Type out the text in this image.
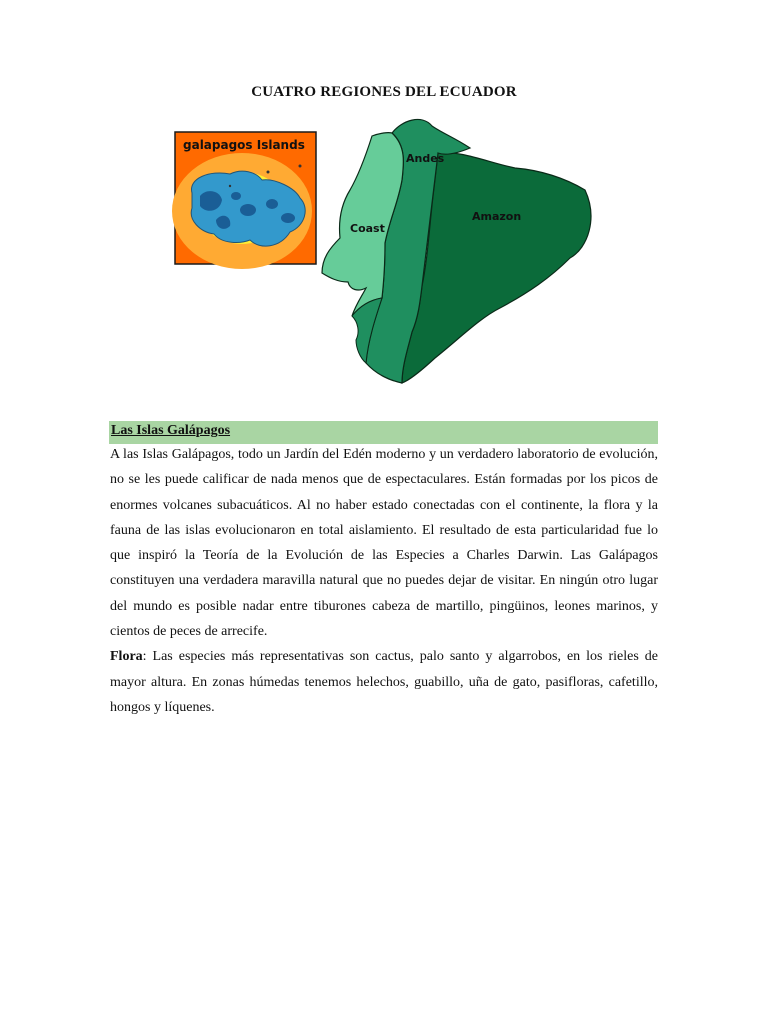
CUATRO REGIONES DEL ECUADOR
galapagos Islands
Andes
Coast
Amazon
Las Islas Galápagos

A las Islas Galápagos, todo un Jardín del Edén moderno y un verdadero laboratorio de evolución, no se les puede calificar de nada menos que de espectaculares. Están formadas por los picos de enormes volcanes subacuáticos. Al no haber estado conectadas con el continente, la flora y la fauna de las islas evolucionaron en total aislamiento. El resultado de esta particularidad fue lo que inspiró la Teoría de la Evolución de las Especies a Charles Darwin. Las Galápagos constituyen una verdadera maravilla natural que no puedes dejar de visitar. En ningún otro lugar del mundo es posible nadar entre tiburones cabeza de martillo, pingüinos, leones marinos, y cientos de peces de arrecife.

Flora: Las especies más representativas son cactus, palo santo y algarrobos, en los rieles de mayor altura. En zonas húmedas tenemos helechos, guabillo, uña de gato, pasifloras, cafetillo, hongos y líquenes.
